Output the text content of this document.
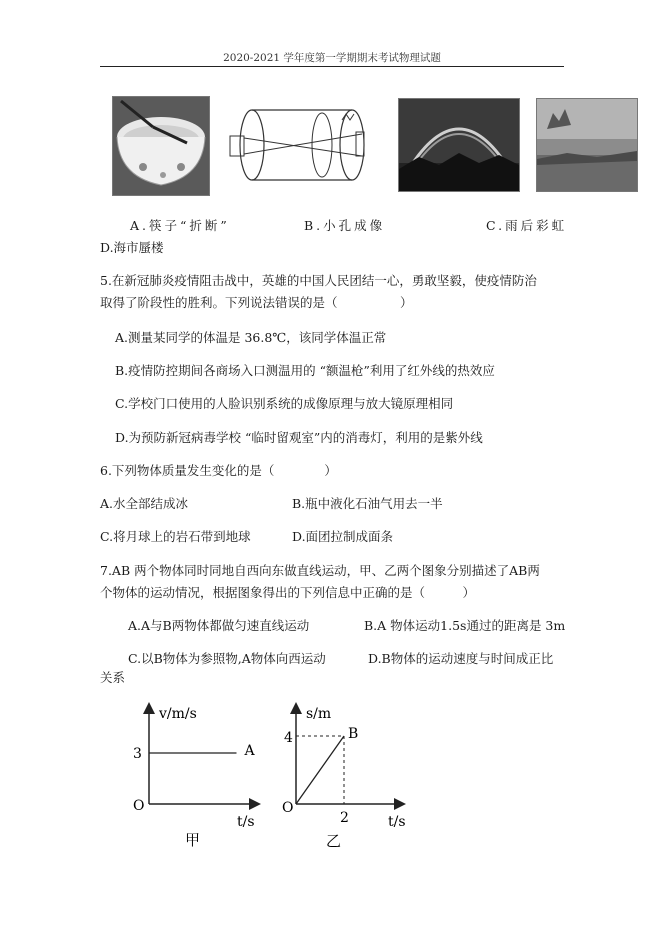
2020-2021 学年度第一学期期末考试物理试题
A.筷子“折断”	B.小孔成像	C.雨后彩虹
D.海市蜃楼
5.在新冠肺炎疫情阻击战中，英雄的中国人民团结一心，勇敢坚毅，使疫情防治
取得了阶段性的胜利。下列说法错误的是（　　　　　）
A.测量某同学的体温是 36.8℃，该同学体温正常
B.疫情防控期间各商场入口测温用的 “额温枪”利用了红外线的热效应
C.学校门口使用的人脸识别系统的成像原理与放大镜原理相同
D.为预防新冠病毒学校 “临时留观室”内的消毒灯，利用的是紫外线
6.下列物体质量发生变化的是（　　　　）
A.水全部结成冰	B.瓶中液化石油气用去一半
C.将月球上的岩石带到地球	D.面团拉制成面条
7.AB 两个物体同时同地自西向东做直线运动，甲、乙两个图象分别描述了AB两
个物体的运动情况，根据图象得出的下列信息中正确的是（　　　）
A.A与B两物体都做匀速直线运动	B.A 物体运动1.5s通过的距离是 3m
C.以B物体为参照物,A物体向西运动	D.B物体的运动速度与时间成正比
关系
v/m/s
t/s
O
3	A
甲
s/m
t/s
O
4
2
B
乙
